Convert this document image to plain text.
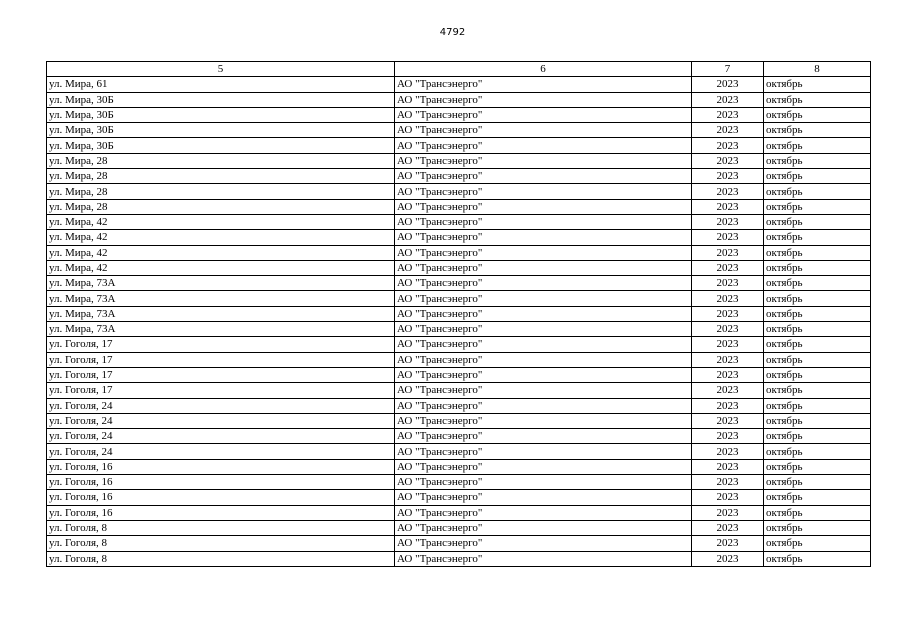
4792
5	6	7	8
ул. Мира, 61	АО "Трансэнерго"	2023	октябрь
ул. Мира, 30Б	АО "Трансэнерго"	2023	октябрь
ул. Мира, 30Б	АО "Трансэнерго"	2023	октябрь
ул. Мира, 30Б	АО "Трансэнерго"	2023	октябрь
ул. Мира, 30Б	АО "Трансэнерго"	2023	октябрь
ул. Мира, 28	АО "Трансэнерго"	2023	октябрь
ул. Мира, 28	АО "Трансэнерго"	2023	октябрь
ул. Мира, 28	АО "Трансэнерго"	2023	октябрь
ул. Мира, 28	АО "Трансэнерго"	2023	октябрь
ул. Мира, 42	АО "Трансэнерго"	2023	октябрь
ул. Мира, 42	АО "Трансэнерго"	2023	октябрь
ул. Мира, 42	АО "Трансэнерго"	2023	октябрь
ул. Мира, 42	АО "Трансэнерго"	2023	октябрь
ул. Мира, 73А	АО "Трансэнерго"	2023	октябрь
ул. Мира, 73А	АО "Трансэнерго"	2023	октябрь
ул. Мира, 73А	АО "Трансэнерго"	2023	октябрь
ул. Мира, 73А	АО "Трансэнерго"	2023	октябрь
ул. Гоголя, 17	АО "Трансэнерго"	2023	октябрь
ул. Гоголя, 17	АО "Трансэнерго"	2023	октябрь
ул. Гоголя, 17	АО "Трансэнерго"	2023	октябрь
ул. Гоголя, 17	АО "Трансэнерго"	2023	октябрь
ул. Гоголя, 24	АО "Трансэнерго"	2023	октябрь
ул. Гоголя, 24	АО "Трансэнерго"	2023	октябрь
ул. Гоголя, 24	АО "Трансэнерго"	2023	октябрь
ул. Гоголя, 24	АО "Трансэнерго"	2023	октябрь
ул. Гоголя, 16	АО "Трансэнерго"	2023	октябрь
ул. Гоголя, 16	АО "Трансэнерго"	2023	октябрь
ул. Гоголя, 16	АО "Трансэнерго"	2023	октябрь
ул. Гоголя, 16	АО "Трансэнерго"	2023	октябрь
ул. Гоголя, 8	АО "Трансэнерго"	2023	октябрь
ул. Гоголя, 8	АО "Трансэнерго"	2023	октябрь
ул. Гоголя, 8	АО "Трансэнерго"	2023	октябрь
